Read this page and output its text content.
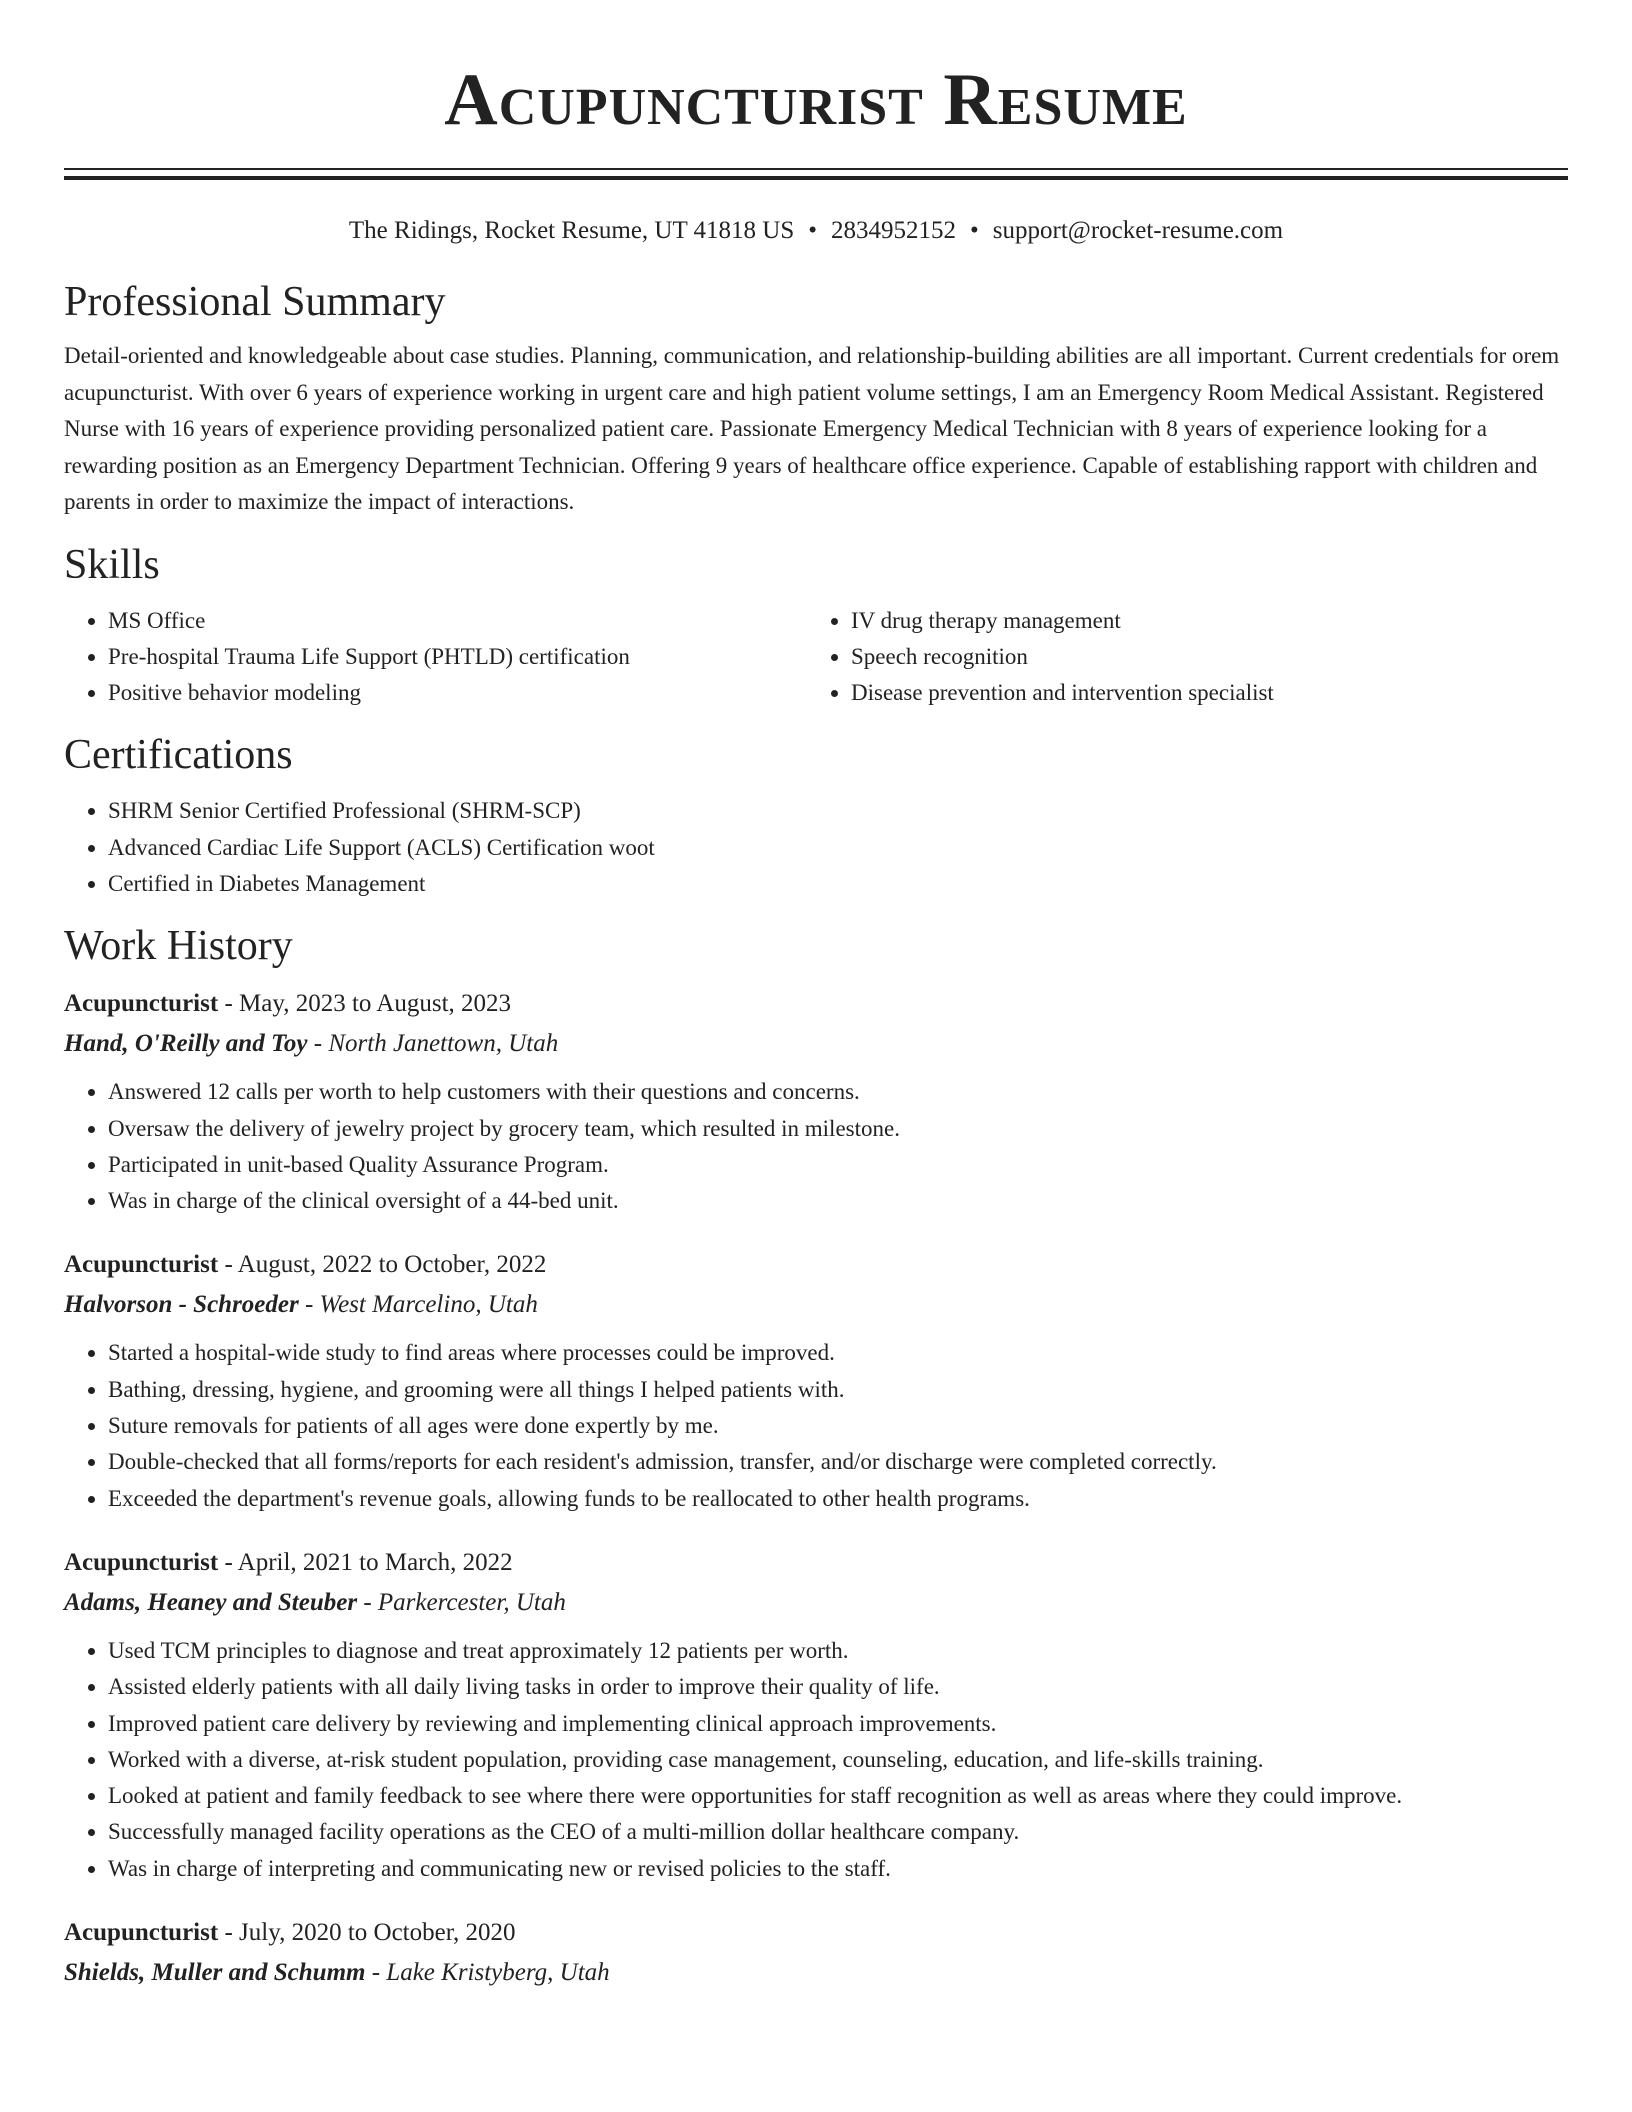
Acupuncturist Resume
The Ridings, Rocket Resume, UT 41818 US • 2834952152 • support@rocket-resume.com
Professional Summary

Detail-oriented and knowledgeable about case studies. Planning, communication, and relationship-building abilities are all important. Current credentials for orem acupuncturist. With over 6 years of experience working in urgent care and high patient volume settings, I am an Emergency Room Medical Assistant. Registered Nurse with 16 years of experience providing personalized patient care. Passionate Emergency Medical Technician with 8 years of experience looking for a rewarding position as an Emergency Department Technician. Offering 9 years of healthcare office experience. Capable of establishing rapport with children and parents in order to maximize the impact of interactions.

Skills
• MS Office
• Pre-hospital Trauma Life Support (PHTLD) certification
• Positive behavior modeling
• IV drug therapy management
• Speech recognition
• Disease prevention and intervention specialist
Certifications
• SHRM Senior Certified Professional (SHRM-SCP)
• Advanced Cardiac Life Support (ACLS) Certification woot
• Certified in Diabetes Management
Work History

Acupuncturist - May, 2023 to August, 2023

Hand, O'Reilly and Toy - North Janettown, Utah

• Answered 12 calls per worth to help customers with their questions and concerns.
• Oversaw the delivery of jewelry project by grocery team, which resulted in milestone.
• Participated in unit-based Quality Assurance Program.
• Was in charge of the clinical oversight of a 44-bed unit.

Acupuncturist - August, 2022 to October, 2022

Halvorson - Schroeder - West Marcelino, Utah

• Started a hospital-wide study to find areas where processes could be improved.
• Bathing, dressing, hygiene, and grooming were all things I helped patients with.
• Suture removals for patients of all ages were done expertly by me.
• Double-checked that all forms/reports for each resident's admission, transfer, and/or discharge were completed correctly.
• Exceeded the department's revenue goals, allowing funds to be reallocated to other health programs.

Acupuncturist - April, 2021 to March, 2022

Adams, Heaney and Steuber - Parkercester, Utah

• Used TCM principles to diagnose and treat approximately 12 patients per worth.
• Assisted elderly patients with all daily living tasks in order to improve their quality of life.
• Improved patient care delivery by reviewing and implementing clinical approach improvements.
• Worked with a diverse, at-risk student population, providing case management, counseling, education, and life-skills training.
• Looked at patient and family feedback to see where there were opportunities for staff recognition as well as areas where they could improve.
• Successfully managed facility operations as the CEO of a multi-million dollar healthcare company.
• Was in charge of interpreting and communicating new or revised policies to the staff.

Acupuncturist - July, 2020 to October, 2020

Shields, Muller and Schumm - Lake Kristyberg, Utah
